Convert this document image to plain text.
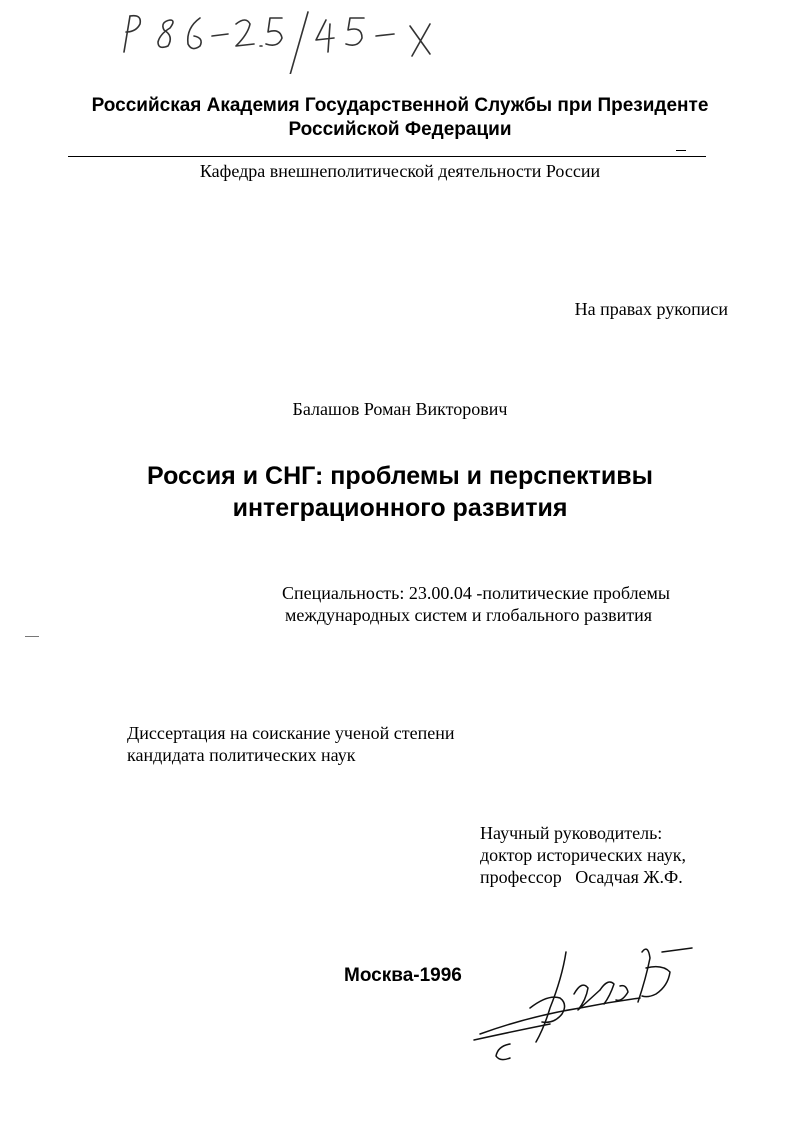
Р 86-2.5/45-Х
Российская Академия Государственной Службы при Президенте
Российской Федерации
Кафедра внешнеполитической деятельности России
На правах рукописи
Балашов Роман Викторович
Россия и СНГ: проблемы и перспективы
интеграционного развития
Специальность: 23.00.04 -политические проблемы
международных систем и глобального развития
Диссертация на соискание ученой степени
кандидата политических наук
Научный руководитель:
доктор исторических наук,
профессор   Осадчая Ж.Ф.
Москва-1996
